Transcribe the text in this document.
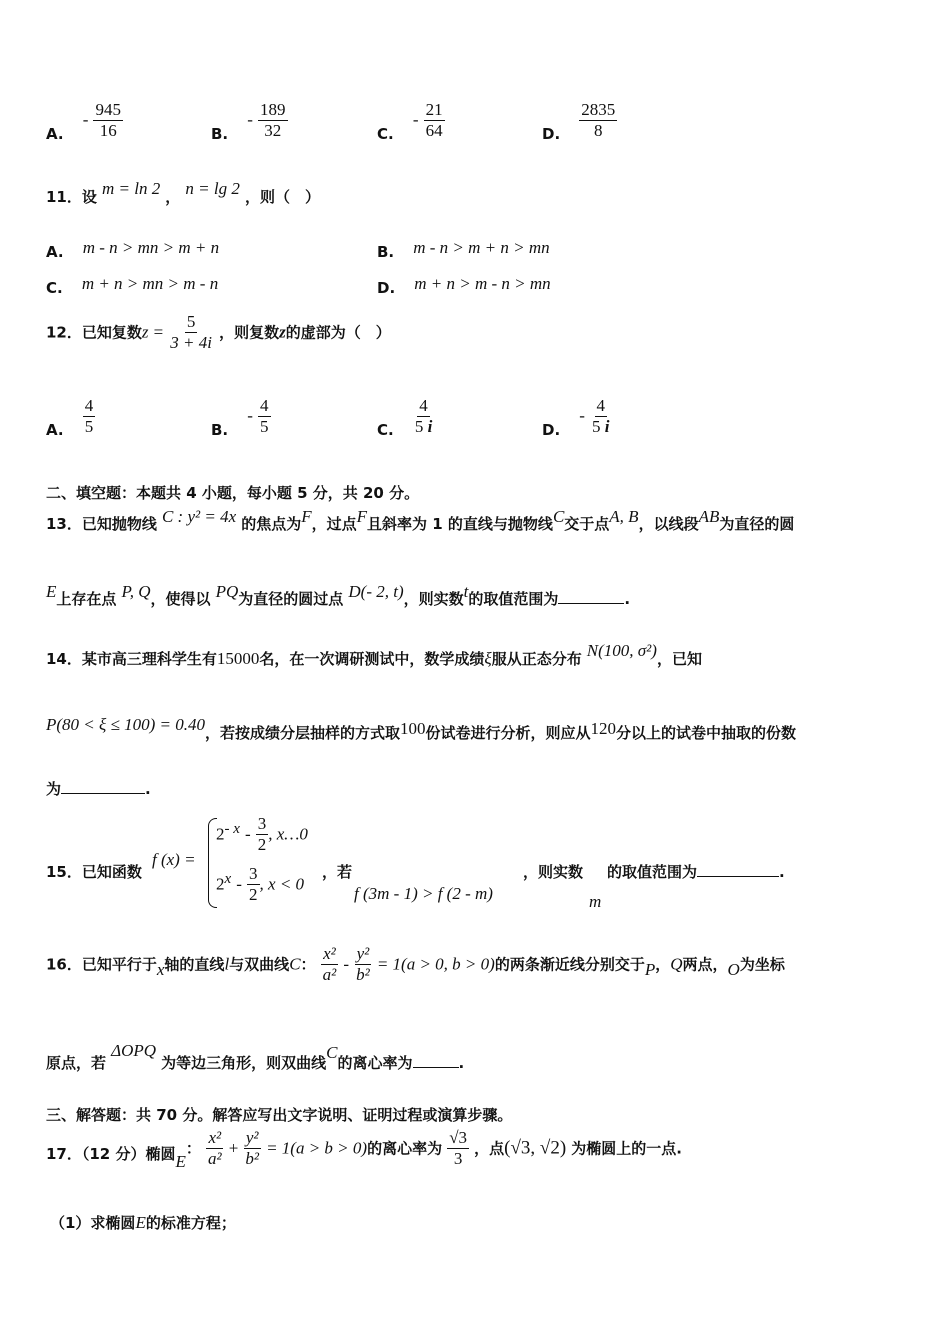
A. - $\frac{945}{16}$	B. - $\frac{189}{32}$	C. - $\frac{21}{64}$	D. $\frac{2835}{8}$
11．设 m = ln 2 ， n = lg 2 ，则（　）
A. m - n > mn > m + n	B. m - n > m + n > mn
C. m + n > mn > m - n	D. m + n > m - n > mn
12．已知复数$z = \frac{5}{3 + 4i}$ ，则复数z的虚部为（　）
A. $\frac{4}{5}$	B. - $\frac{4}{5}$	C. $\frac{4}{5 i}$	D. - $\frac{4}{5 i}$
二、填空题：本题共 4 小题，每小题 5 分，共 20 分。
13．已知抛物线 C : y² = 4x 的焦点为F，过点F且斜率为 1 的直线与抛物线C交于点A, B，以线段AB为直径的圆
E上存在点 P, Q，使得以 PQ为直径的圆过点 D(- 2, t)，则实数t的取值范围为	.
14．某市高三理科学生有15000名，在一次调研测试中，数学成绩ξ服从正态分布 N(100, σ²)，已知
P(80 < ξ ≤ 100) = 0.40，若按成绩分层抽样的方式取100份试卷进行分析，则应从120分以上的试卷中抽取的份数
为	.
15．已知函数
f (x) =
$2^{- x} - \frac{3}{2}$ , x…0
$2^x - \frac{3}{2}$ , x < 0
，若
f (3m - 1) > f (2 - m)
，则实数
m
的取值范围为	.
16．已知平行于x轴的直线l与双曲线C： $\frac{\text{x²}}{\text{a²}} - \frac{\text{y²}}{\text{b²}} = 1(a > 0$, b > 0)的两条渐近线分别交于P，Q两点，O为坐标
原点，若 ΔOPQ 为等边三角形，则双曲线C的离心率为	.
三、解答题：共 70 分。解答应写出文字说明、证明过程或演算步骤。
17．（12 分）椭圆E： $\frac{\text{x²}}{\text{a²}} + \frac{\text{y²}}{\text{b²}} = 1(a > b > 0)$的离心率为 $\frac{√3}{3}$ ，点(√3, √2) 为椭圆上的一点.
（1）求椭圆E的标准方程；
